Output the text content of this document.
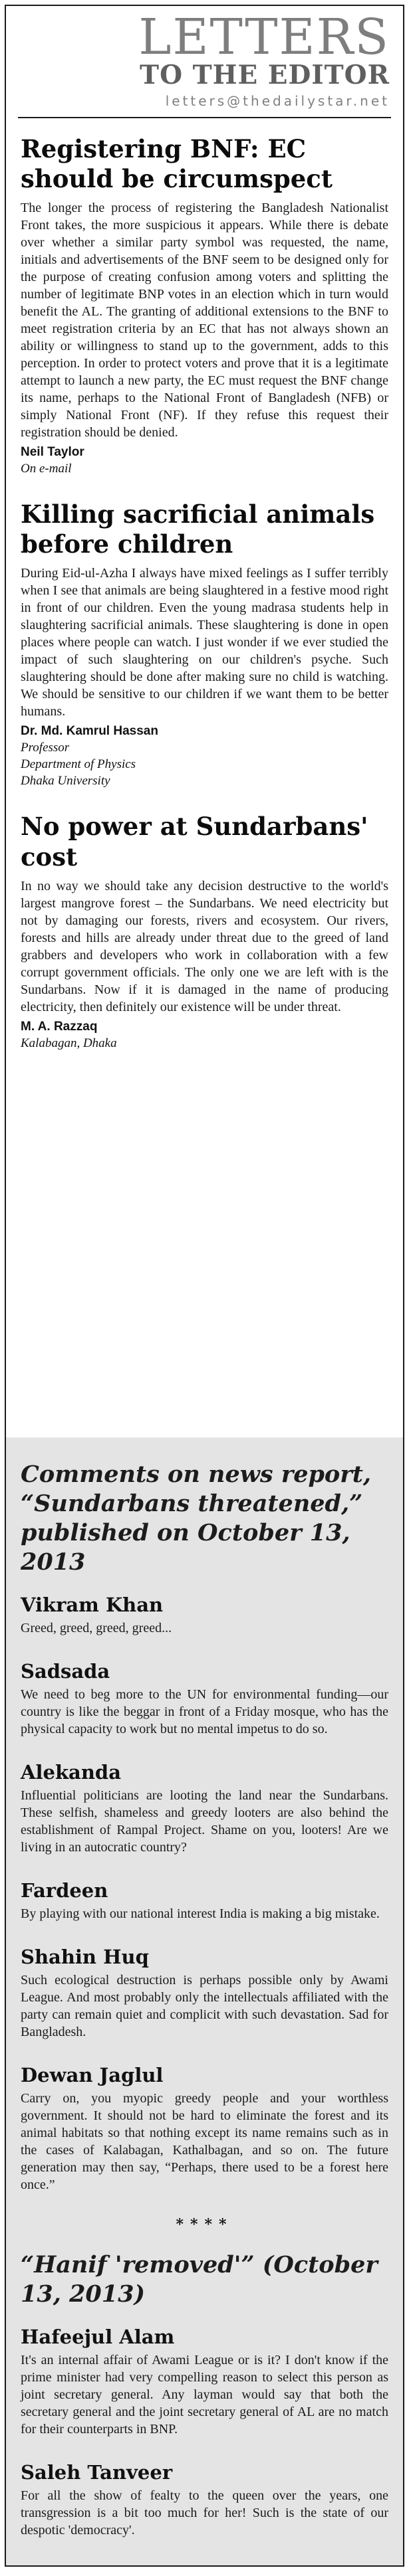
LETTERS
TO THE EDITOR
letters@thedailystar.net
Registering BNF: EC should be circumspect

The longer the process of registering the Bangladesh Nationalist Front takes, the more suspicious it appears. While there is debate over whether a similar party symbol was requested, the name, initials and advertisements of the BNF seem to be designed only for the purpose of creating confusion among voters and splitting the number of legitimate BNP votes in an election which in turn would benefit the AL. The granting of additional extensions to the BNF to meet registration criteria by an EC that has not always shown an ability or willingness to stand up to the government, adds to this perception. In order to protect voters and prove that it is a legitimate attempt to launch a new party, the EC must request the BNF change its name, perhaps to the National Front of Bangladesh (NFB) or simply National Front (NF). If they refuse this request their registration should be denied.

Neil Taylor
On e-mail
Killing sacrificial animals before children

During Eid-ul-Azha I always have mixed feelings as I suffer terribly when I see that animals are being slaughtered in a festive mood right in front of our children. Even the young madrasa students help in slaughtering sacrificial animals. These slaughtering is done in open places where people can watch. I just wonder if we ever studied the impact of such slaughtering on our children's psyche. Such slaughtering should be done after making sure no child is watching. We should be sensitive to our children if we want them to be better humans.

Dr. Md. Kamrul Hassan
Professor
Department of Physics
Dhaka University
No power at Sundarbans' cost

In no way we should take any decision destructive to the world's largest mangrove forest – the Sundarbans. We need electricity but not by damaging our forests, rivers and ecosystem. Our rivers, forests and hills are already under threat due to the greed of land grabbers and developers who work in collaboration with a few corrupt government officials. The only one we are left with is the Sundarbans. Now if it is damaged in the name of producing electricity, then definitely our existence will be under threat.

M. A. Razzaq
Kalabagan, Dhaka
Comments on news report, “Sundarbans threatened,” published on October 13, 2013
Vikram Khan

Greed, greed, greed, greed...

Sadsada

We need to beg more to the UN for environmental funding—our country is like the beggar in front of a Friday mosque, who has the physical capacity to work but no mental impetus to do so.

Alekanda

Influential politicians are looting the land near the Sundarbans. These selfish, shameless and greedy looters are also behind the establishment of Rampal Project. Shame on you, looters! Are we living in an autocratic country?

Fardeen

By playing with our national interest India is making a big mistake.

Shahin Huq

Such ecological destruction is perhaps possible only by Awami League. And most probably only the intellectuals affiliated with the party can remain quiet and complicit with such devastation. Sad for Bangladesh.

Dewan Jaglul

Carry on, you myopic greedy people and your worthless government. It should not be hard to eliminate the forest and its animal habitats so that nothing except its name remains such as in the cases of Kalabagan, Kathalbagan, and so on. The future generation may then say, “Perhaps, there used to be a forest here once.”

****
“Hanif 'removed'” (October 13, 2013)
Hafeejul Alam

It's an internal affair of Awami League or is it? I don't know if the prime minister had very compelling reason to select this person as joint secretary general. Any layman would say that both the secretary general and the joint secretary general of AL are no match for their counterparts in BNP.

Saleh Tanveer

For all the show of fealty to the queen over the years, one transgression is a bit too much for her! Such is the state of our despotic 'democracy'.
